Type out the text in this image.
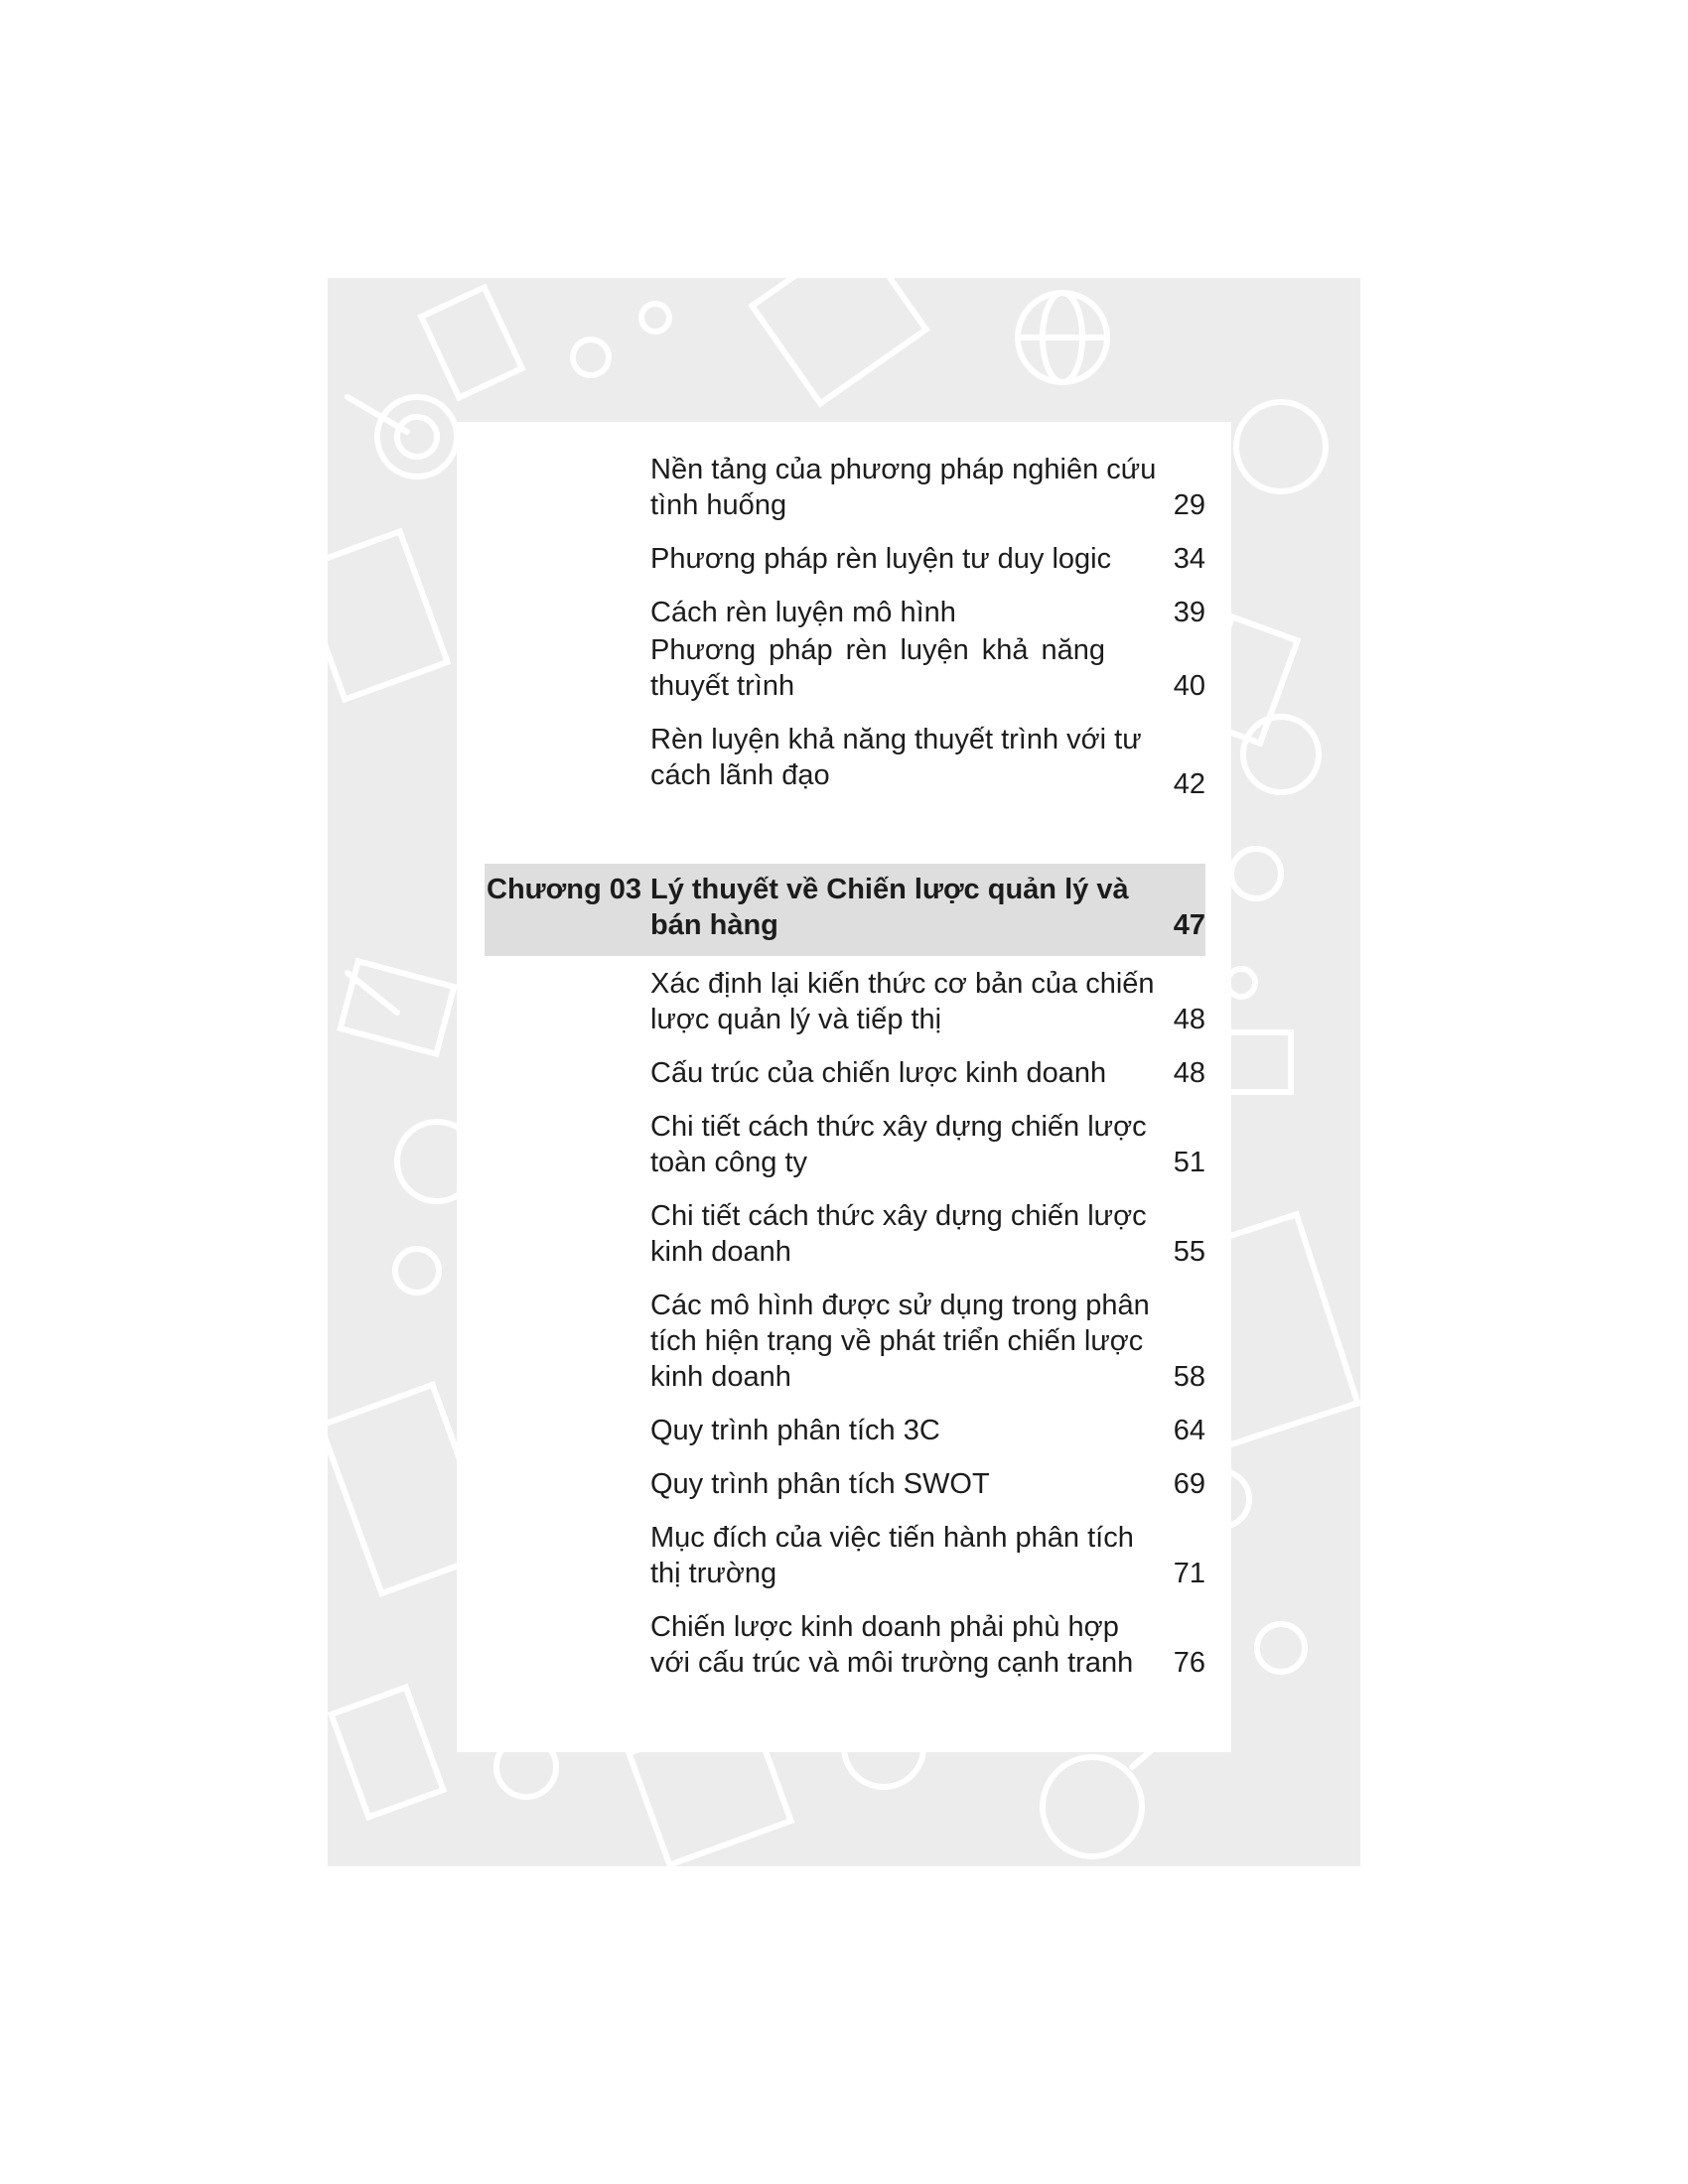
Nền tảng của phương pháp nghiên cứu
tình huống	29
Phương pháp rèn luyện tư duy logic	34
Cách rèn luyện mô hình	39
Phương pháp rèn luyện khả năng
thuyết trình	40
Rèn luyện khả năng thuyết trình với tư
cách lãnh đạo	42
Chương 03 Lý thuyết về Chiến lược quản lý và
bán hàng	47
Xác định lại kiến thức cơ bản của chiến
lược quản lý và tiếp thị	48
Cấu trúc của chiến lược kinh doanh	48
Chi tiết cách thức xây dựng chiến lược
toàn công ty	51
Chi tiết cách thức xây dựng chiến lược
kinh doanh	55
Các mô hình được sử dụng trong phân
tích hiện trạng về phát triển chiến lược
kinh doanh	58
Quy trình phân tích 3C	64
Quy trình phân tích SWOT	69
Mục đích của việc tiến hành phân tích
thị trường	71
Chiến lược kinh doanh phải phù hợp
với cấu trúc và môi trường cạnh tranh	76
